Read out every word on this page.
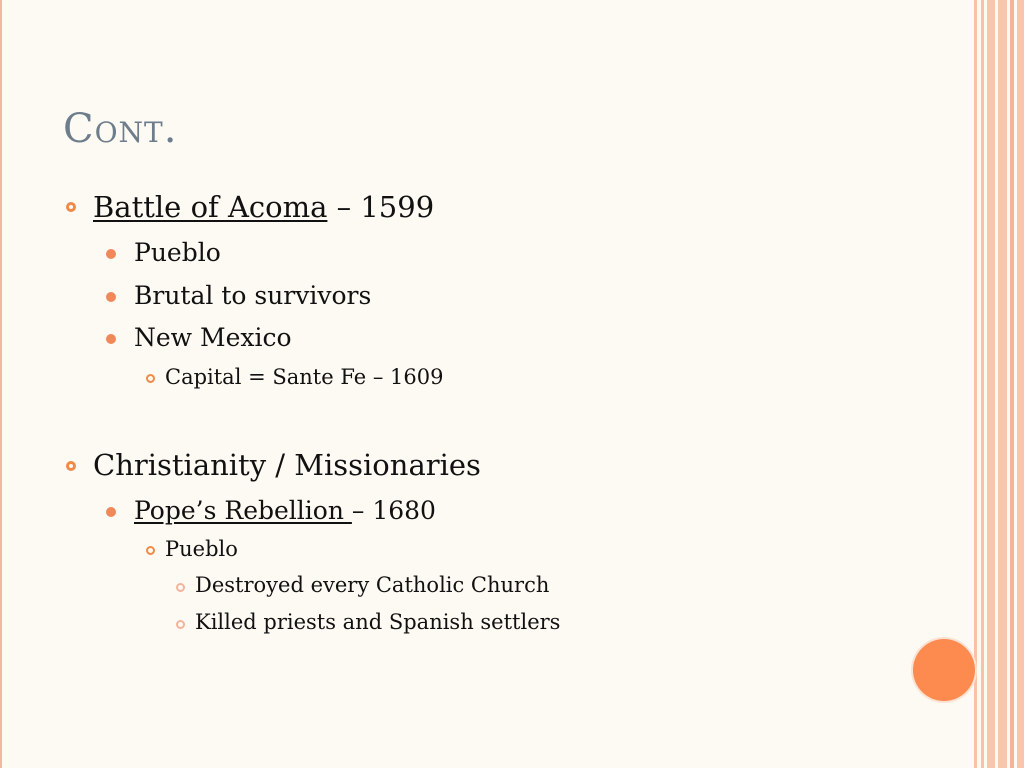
Cont.
Battle of Acoma – 1599
Pueblo
Brutal to survivors
New Mexico
Capital = Sante Fe – 1609
Christianity / Missionaries
Pope’s Rebellion – 1680
Pueblo
Destroyed every Catholic Church
Killed priests and Spanish settlers
